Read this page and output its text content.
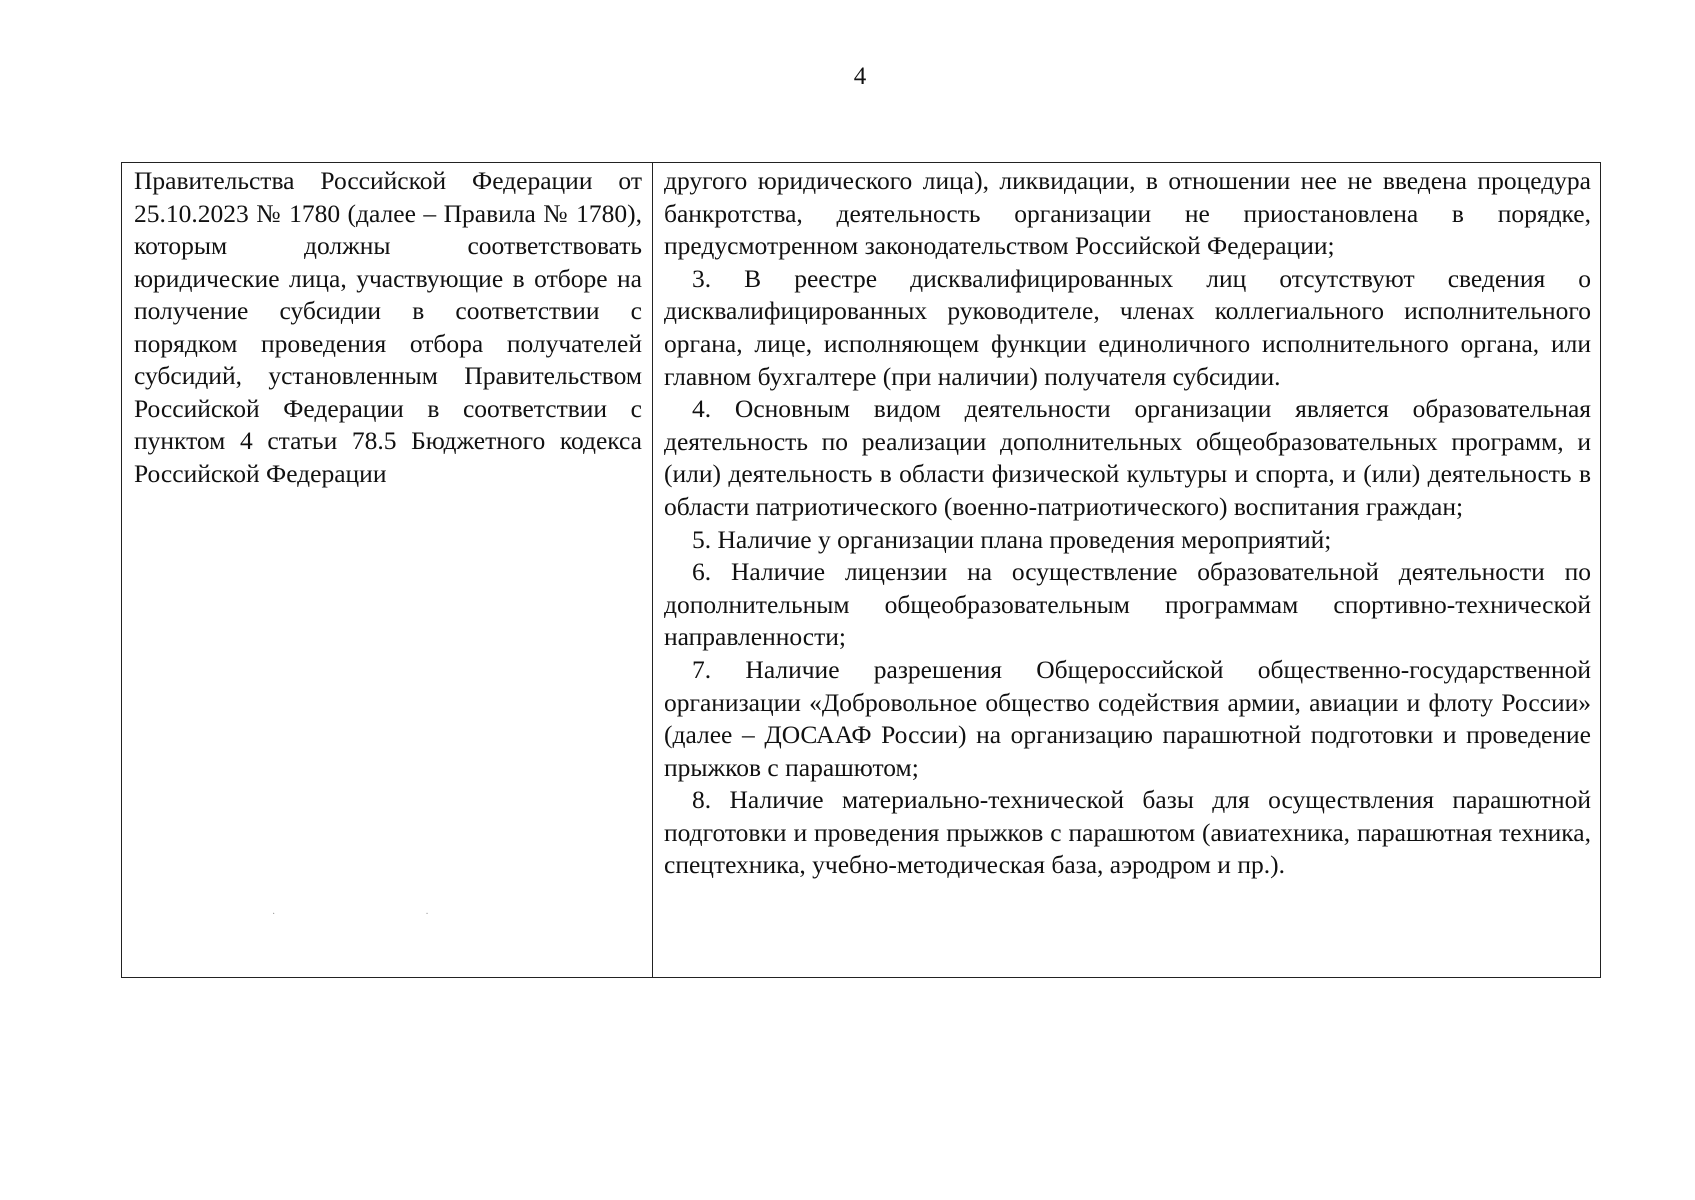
4
Правительства Российской Федерации от 25.10.2023 № 1780 (далее – Правила № 1780), которым должны соответствовать юридические лица, участвующие в отборе на получение субсидии в соответствии с порядком проведения отбора получателей субсидий, установленным Правительством Российской Федерации в соответствии с пунктом 4 статьи 78.5 Бюджетного кодекса Российской Федерации
··

другого юридического лица), ликвидации, в отношении нее не введена процедура банкротства, деятельность организации не приостановлена в порядке, предусмотренном законодательством Российской Федерации;

3. В реестре дисквалифицированных лиц отсутствуют сведения о дисквалифицированных руководителе, членах коллегиального исполнительного органа, лице, исполняющем функции единоличного исполнительного органа, или главном бухгалтере (при наличии) получателя субсидии.

4. Основным видом деятельности организации является образовательная деятельность по реализации дополнительных общеобразовательных программ, и (или) деятельность в области физической культуры и спорта, и (или) деятельность в области патриотического (военно-патриотического) воспитания граждан;

5. Наличие у организации плана проведения мероприятий;

6. Наличие лицензии на осуществление образовательной деятельности по дополнительным общеобразовательным программам спортивно-технической направленности;

7. Наличие разрешения Общероссийской общественно-государственной организации «Добровольное общество содействия армии, авиации и флоту России» (далее – ДОСААФ России) на организацию парашютной подготовки и проведение прыжков с парашютом;

8. Наличие материально-технической базы для осуществления парашютной подготовки и проведения прыжков с парашютом (авиатехника, парашютная техника, спецтехника, учебно-методическая база, аэродром и пр.).
